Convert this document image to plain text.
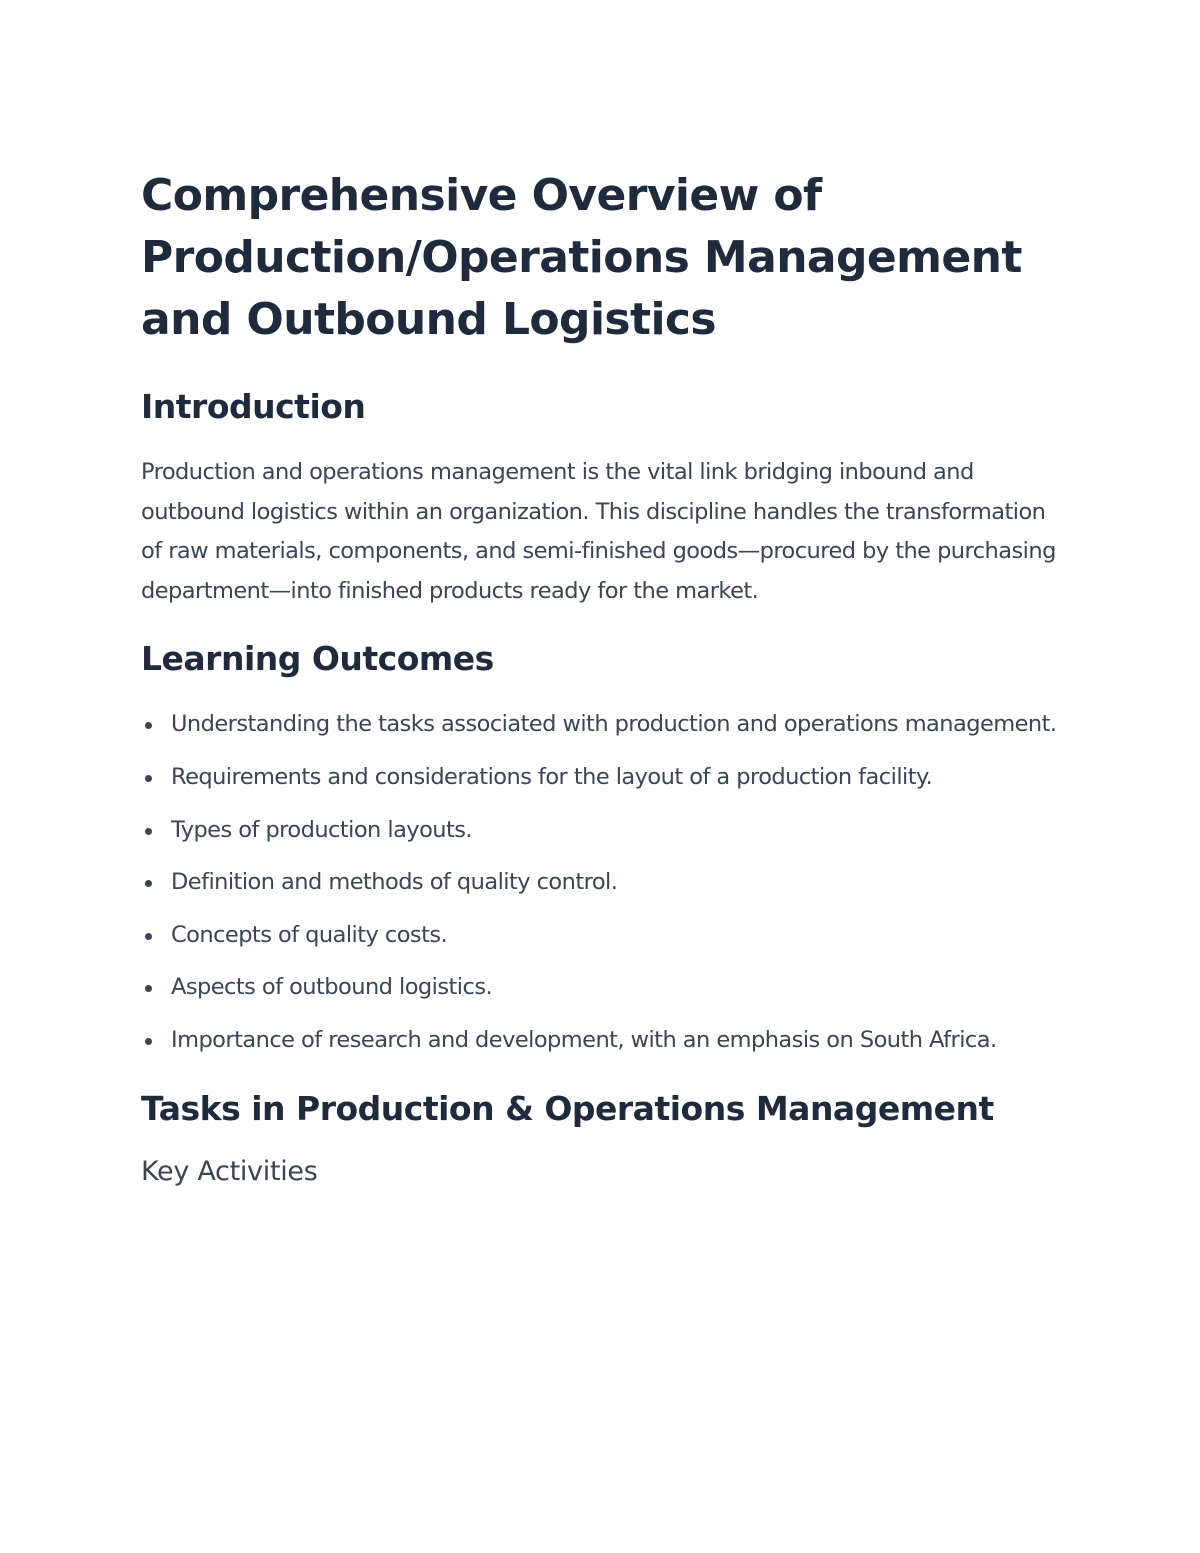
Comprehensive Overview of Production/Operations Management and Outbound Logistics
Introduction

Production and operations management is the vital link bridging inbound and outbound logistics within an organization. This discipline handles the transformation of raw materials, components, and semi-finished goods—procured by the purchasing department—into finished products ready for the market.

Learning Outcomes
Understanding the tasks associated with production and operations management.
Requirements and considerations for the layout of a production facility.
Types of production layouts.
Definition and methods of quality control.
Concepts of quality costs.
Aspects of outbound logistics.
Importance of research and development, with an emphasis on South Africa.
Tasks in Production & Operations Management
Key Activities
